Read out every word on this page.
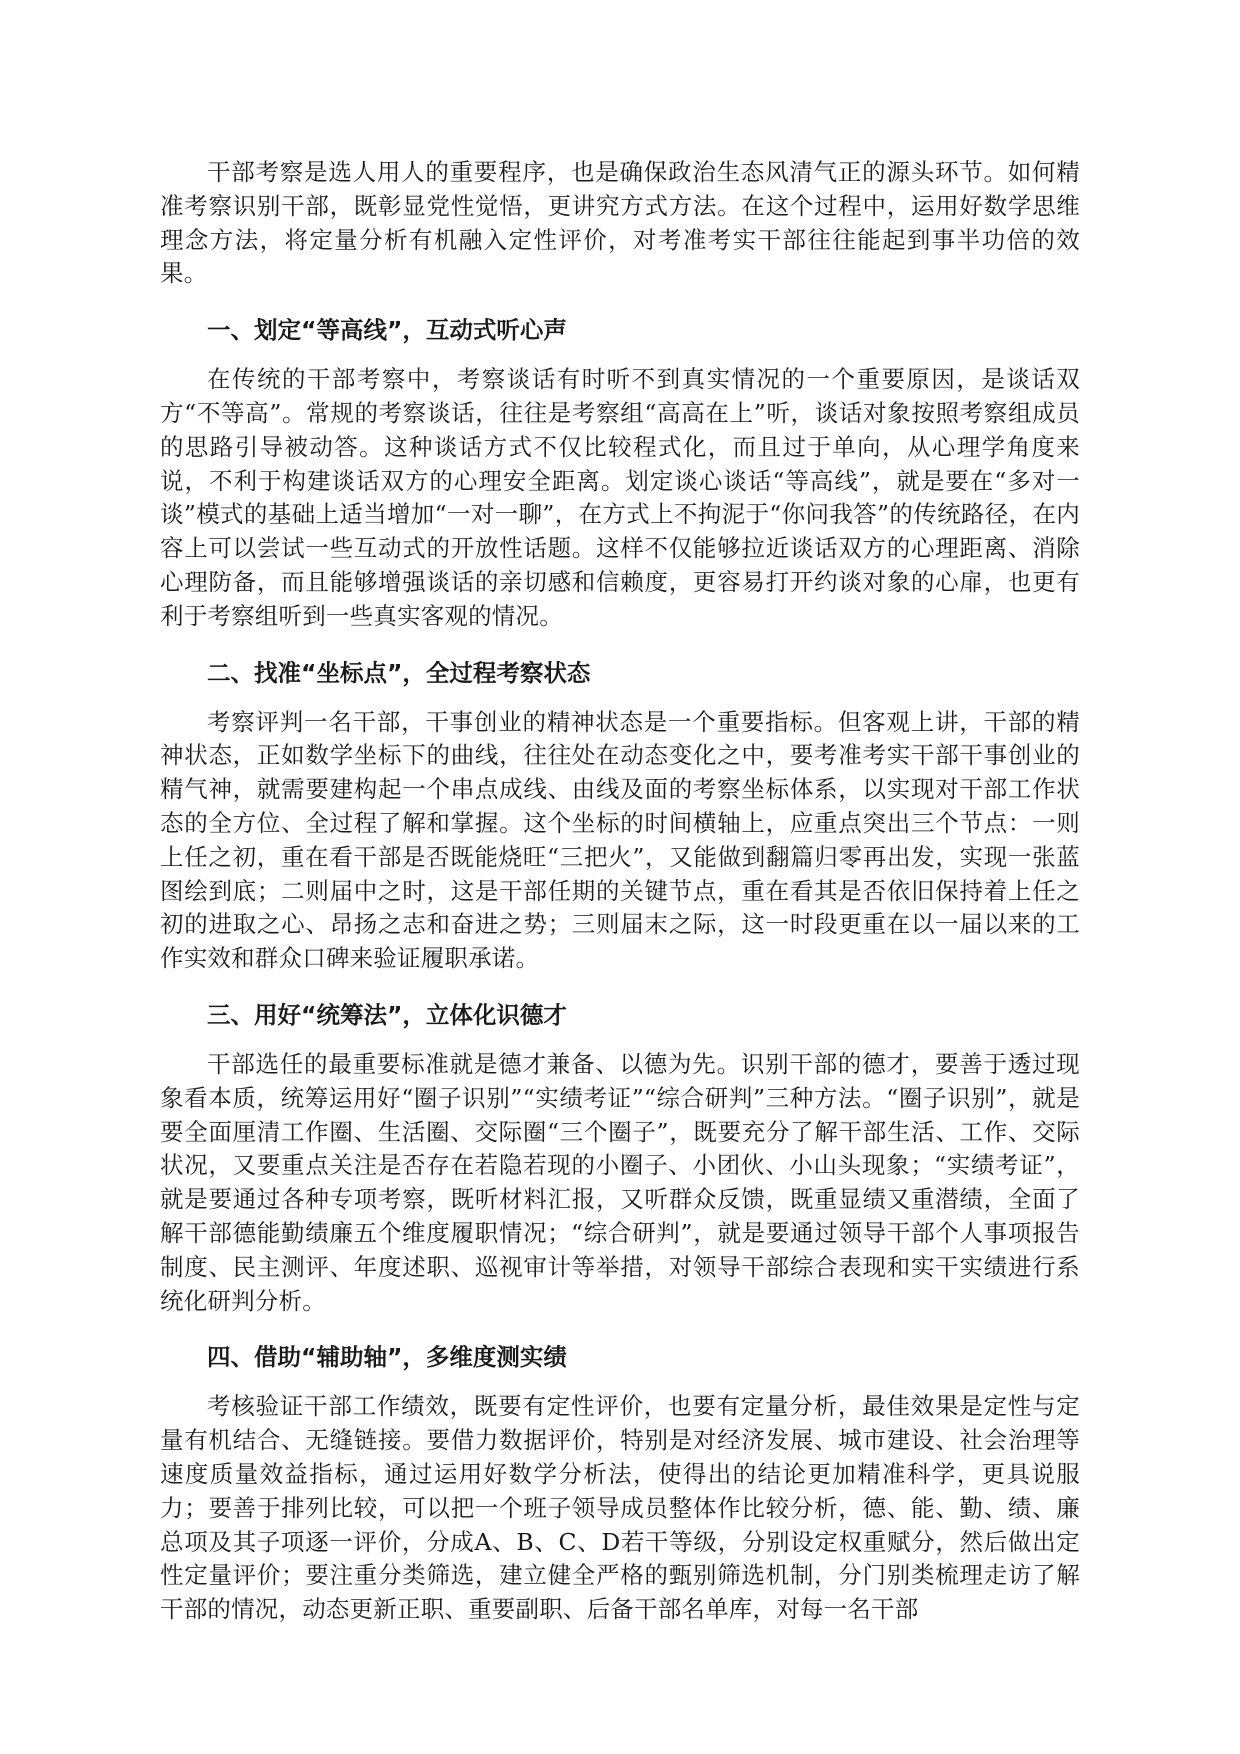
干部考察是选人用人的重要程序，也是确保政治生态风清气正的源头环节。如何精准考察识别干部，既彰显党性觉悟，更讲究方式方法。在这个过程中，运用好数学思维理念方法，将定量分析有机融入定性评价，对考准考实干部往往能起到事半功倍的效果。

一、划定“等高线”，互动式听心声

在传统的干部考察中，考察谈话有时听不到真实情况的一个重要原因，是谈话双方“不等高”。常规的考察谈话，往往是考察组“高高在上”听，谈话对象按照考察组成员的思路引导被动答。这种谈话方式不仅比较程式化，而且过于单向，从心理学角度来说，不利于构建谈话双方的心理安全距离。划定谈心谈话“等高线”，就是要在“多对一谈”模式的基础上适当增加“一对一聊”，在方式上不拘泥于“你问我答”的传统路径，在内容上可以尝试一些互动式的开放性话题。这样不仅能够拉近谈话双方的心理距离、消除心理防备，而且能够增强谈话的亲切感和信赖度，更容易打开约谈对象的心扉，也更有利于考察组听到一些真实客观的情况。

二、找准“坐标点”，全过程考察状态

考察评判一名干部，干事创业的精神状态是一个重要指标。但客观上讲，干部的精神状态，正如数学坐标下的曲线，往往处在动态变化之中，要考准考实干部干事创业的精气神，就需要建构起一个串点成线、由线及面的考察坐标体系，以实现对干部工作状态的全方位、全过程了解和掌握。这个坐标的时间横轴上，应重点突出三个节点：一则上任之初，重在看干部是否既能烧旺“三把火”，又能做到翻篇归零再出发，实现一张蓝图绘到底；二则届中之时，这是干部任期的关键节点，重在看其是否依旧保持着上任之初的进取之心、昂扬之志和奋进之势；三则届末之际，这一时段更重在以一届以来的工作实效和群众口碑来验证履职承诺。

三、用好“统筹法”，立体化识德才

干部选任的最重要标准就是德才兼备、以德为先。识别干部的德才，要善于透过现象看本质，统筹运用好“圈子识别”“实绩考证”“综合研判”三种方法。“圈子识别”，就是要全面厘清工作圈、生活圈、交际圈“三个圈子”，既要充分了解干部生活、工作、交际状况，又要重点关注是否存在若隐若现的小圈子、小团伙、小山头现象；“实绩考证”，就是要通过各种专项考察，既听材料汇报，又听群众反馈，既重显绩又重潜绩，全面了解干部德能勤绩廉五个维度履职情况；“综合研判”，就是要通过领导干部个人事项报告制度、民主测评、年度述职、巡视审计等举措，对领导干部综合表现和实干实绩进行系统化研判分析。

四、借助“辅助轴”，多维度测实绩

考核验证干部工作绩效，既要有定性评价，也要有定量分析，最佳效果是定性与定量有机结合、无缝链接。要借力数据评价，特别是对经济发展、城市建设、社会治理等速度质量效益指标，通过运用好数学分析法，使得出的结论更加精准科学，更具说服力；要善于排列比较，可以把一个班子领导成员整体作比较分析，德、能、勤、绩、廉总项及其子项逐一评价，分成A、B、C、D若干等级，分别设定权重赋分，然后做出定性定量评价；要注重分类筛选，建立健全严格的甄别筛选机制，分门别类梳理走访了解干部的情况，动态更新正职、重要副职、后备干部名单库，对每一名干部
